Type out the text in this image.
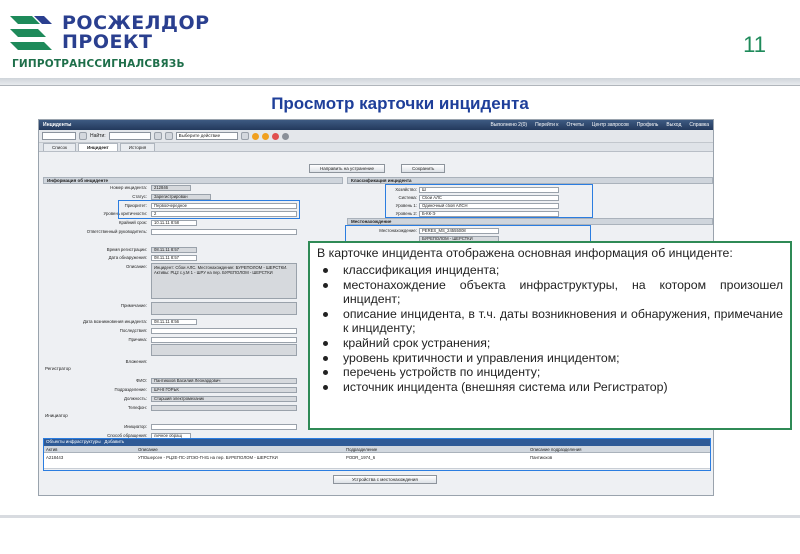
РОСЖЕЛДОР
ПРОЕКТ
ГИПРОТРАНССИГНАЛСВЯЗЬ
11
Просмотр карточки инцидента
Инциденты	Выполнено 2(0) Перейти к Отчеты Центр запросов Профиль Выход Справка
Найти:	Выберите действие
Список	Инцидент	История
Направить на устранение	Сохранить
Информация об инциденте
Номер инцидента:	212846
Статус:	Зарегистрирован
Приоритет:	Первоочередное
Уровень критичности:	2
Крайний срок:	10.11.11 8:58
Ответственный руководитель:
Время регистрации:	08.11.11 8:57
Дата обнаружения:	08.11.11 8:57
Описание:	Инцидент: Сбои АЛС. Местонахождение: БУРЕПОЛОМ - ШЕРСТКИ. Активы: РЦ2 с.у.М 1 - ШРУ на пер. БУРЕПОЛОМ - ШЕРСТКИ
Примечание:
Дата возникновения инцидента:	08.11.11 8:56
Последствия:
Причина:
Вложения:
Регистратор
ФИО:	Пантиюхов Василий Леонардович
Подразделение:	ШЧ-8 ГОРЬК
Должность:	Старший электромеханик
Телефон:
Инициатор
Инициатор:
Способ обращения:	личное обращ
Классификация инцидента
Хозяйство:	Ш
Система:	Сбои АЛС
Уровень 1:	Одиночный сбой АЛСН
Уровень 2:	Б-КК-Э
Местонахождение
Местонахождение:	PERES_MS_24555008
БУРЕПОЛОМ - ШЕРСТКИ
Объекты инфраструктуры Добавить
Актив	Описание	Подразделение	Описание подразделения
A218443	УПОшерсен - РЦ2Е-ПС-2ПЭО-П-81 на пер. БУРЕПОЛОМ - ШЕРСТКИ	PODR_1974_6	Пантиюхов
Устройства с местонахождения
В карточке инцидента отображена основная информация об инциденте:
классификация инцидента;
местонахождение объекта инфраструктуры, на котором произошел инцидент;
описание инцидента, в т.ч. даты возникновения и обнаружения, примечание к инциденту;
крайний срок устранения;
уровень критичности и управления инцидентом;
перечень устройств по инциденту;
источник инцидента (внешняя система или Регистратор)
